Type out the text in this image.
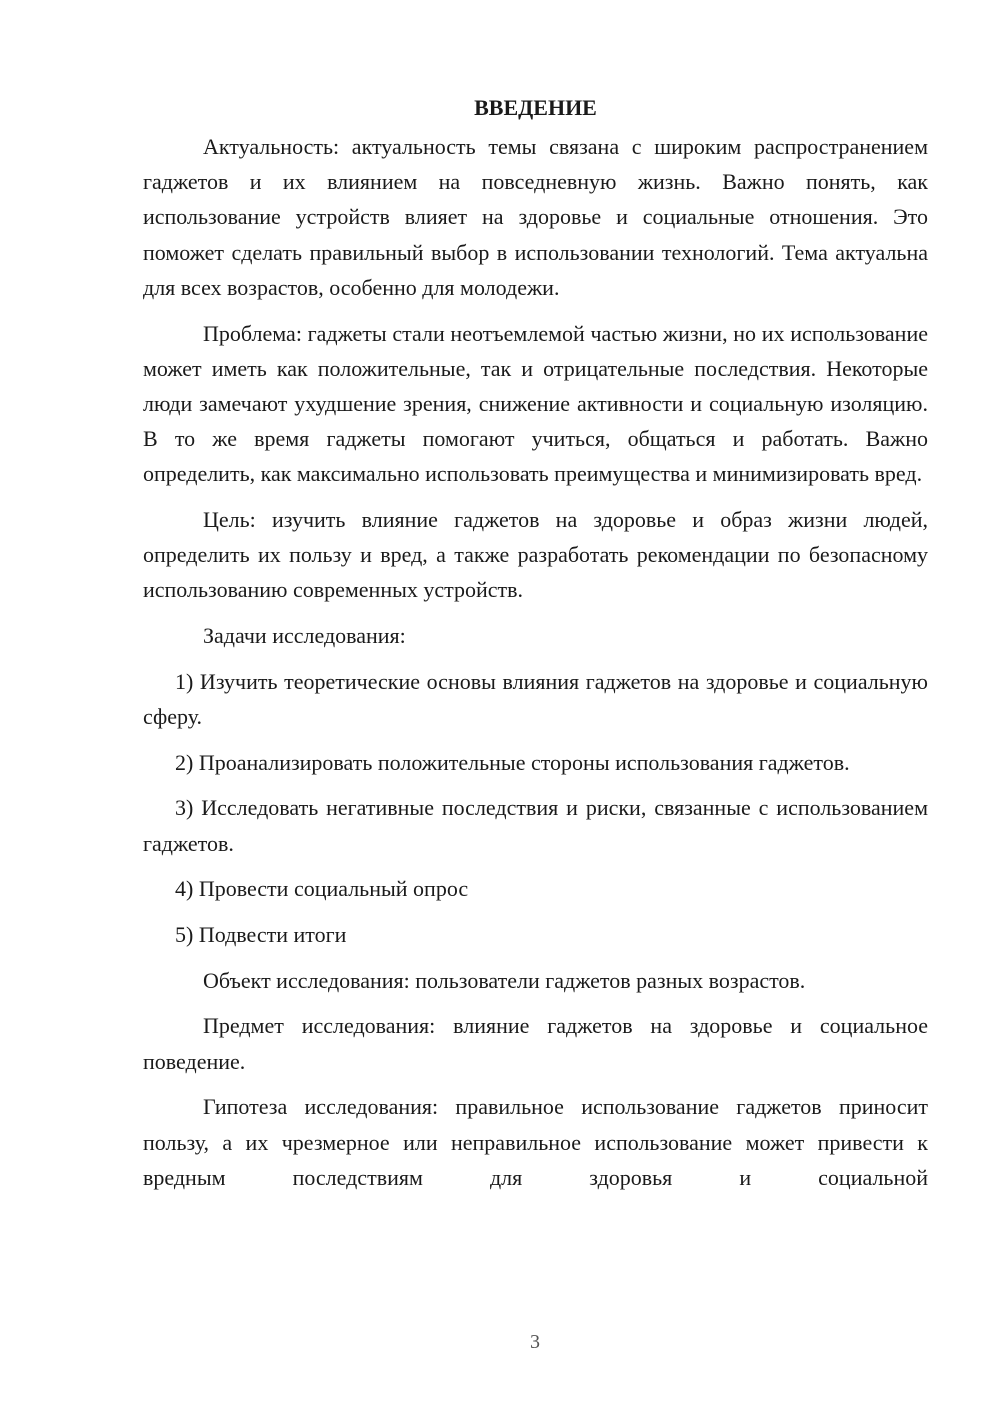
ВВЕДЕНИЕ

Актуальность: актуальность темы связана с широким распространением гаджетов и их влиянием на повседневную жизнь. Важно понять, как использование устройств влияет на здоровье и социальные отношения. Это поможет сделать правильный выбор в использовании технологий. Тема актуальна для всех возрастов, особенно для молодежи.

Проблема: гаджеты стали неотъемлемой частью жизни, но их использование может иметь как положительные, так и отрицательные последствия. Некоторые люди замечают ухудшение зрения, снижение активности и социальную изоляцию. В то же время гаджеты помогают учиться, общаться и работать. Важно определить, как максимально использовать преимущества и минимизировать вред.

Цель: изучить влияние гаджетов на здоровье и образ жизни людей, определить их пользу и вред, а также разработать рекомендации по безопасному использованию современных устройств.

Задачи исследования:

1) Изучить теоретические основы влияния гаджетов на здоровье и социальную сферу.

2) Проанализировать положительные стороны использования гаджетов.

3) Исследовать негативные последствия и риски, связанные с использованием гаджетов.

4) Провести социальный опрос

5) Подвести итоги

Объект исследования: пользователи гаджетов разных возрастов.

Предмет исследования: влияние гаджетов на здоровье и социальное поведение.

Гипотеза исследования: правильное использование гаджетов приносит пользу, а их чрезмерное или неправильное использование может привести к вредным последствиям для здоровья и социальной

3
